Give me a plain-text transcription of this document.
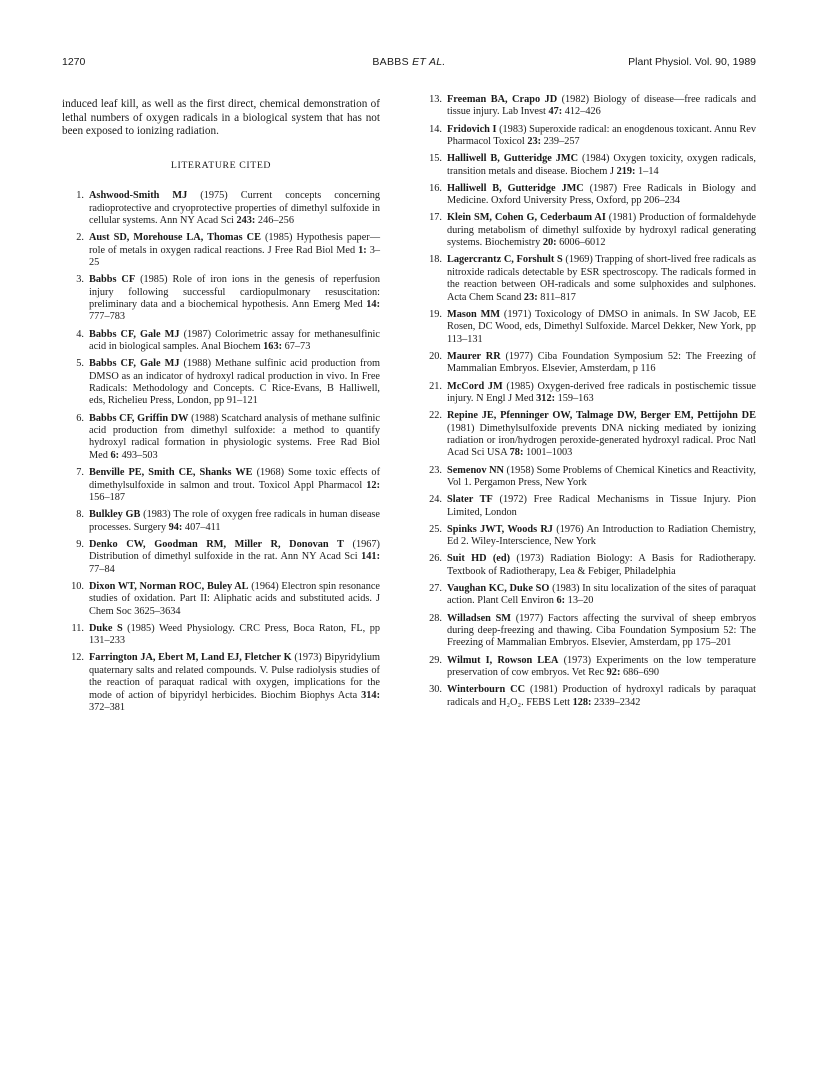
1270	BABBS ET AL.	Plant Physiol. Vol. 90, 1989

induced leaf kill, as well as the first direct, chemical demonstration of lethal numbers of oxygen radicals in a biological system that has not been exposed to ionizing radiation.

LITERATURE CITED
1. Ashwood-Smith MJ (1975) Current concepts concerning radioprotective and cryoprotective properties of dimethyl sulfoxide in cellular systems. Ann NY Acad Sci 243: 246–256
2. Aust SD, Morehouse LA, Thomas CE (1985) Hypothesis paper—role of metals in oxygen radical reactions. J Free Rad Biol Med 1: 3–25
3. Babbs CF (1985) Role of iron ions in the genesis of reperfusion injury following successful cardiopulmonary resuscitation: preliminary data and a biochemical hypothesis. Ann Emerg Med 14: 777–783
4. Babbs CF, Gale MJ (1987) Colorimetric assay for methanesulfinic acid in biological samples. Anal Biochem 163: 67–73
5. Babbs CF, Gale MJ (1988) Methane sulfinic acid production from DMSO as an indicator of hydroxyl radical production in vivo. In Free Radicals: Methodology and Concepts. C Rice-Evans, B Halliwell, eds, Richelieu Press, London, pp 91–121
6. Babbs CF, Griffin DW (1988) Scatchard analysis of methane sulfinic acid production from dimethyl sulfoxide: a method to quantify hydroxyl radical formation in physiologic systems. Free Rad Biol Med 6: 493–503
7. Benville PE, Smith CE, Shanks WE (1968) Some toxic effects of dimethylsulfoxide in salmon and trout. Toxicol Appl Pharmacol 12: 156–187
8. Bulkley GB (1983) The role of oxygen free radicals in human disease processes. Surgery 94: 407–411
9. Denko CW, Goodman RM, Miller R, Donovan T (1967) Distribution of dimethyl sulfoxide in the rat. Ann NY Acad Sci 141: 77–84
10. Dixon WT, Norman ROC, Buley AL (1964) Electron spin resonance studies of oxidation. Part II: Aliphatic acids and substituted acids. J Chem Soc 3625–3634
11. Duke S (1985) Weed Physiology. CRC Press, Boca Raton, FL, pp 131–233
12. Farrington JA, Ebert M, Land EJ, Fletcher K (1973) Bipyridylium quaternary salts and related compounds. V. Pulse radiolysis studies of the reaction of paraquat radical with oxygen, implications for the mode of action of bipyridyl herbicides. Biochim Biophys Acta 314: 372–381
13. Freeman BA, Crapo JD (1982) Biology of disease—free radicals and tissue injury. Lab Invest 47: 412–426
14. Fridovich I (1983) Superoxide radical: an enogdenous toxicant. Annu Rev Pharmacol Toxicol 23: 239–257
15. Halliwell B, Gutteridge JMC (1984) Oxygen toxicity, oxygen radicals, transition metals and disease. Biochem J 219: 1–14
16. Halliwell B, Gutteridge JMC (1987) Free Radicals in Biology and Medicine. Oxford University Press, Oxford, pp 206–234
17. Klein SM, Cohen G, Cederbaum AI (1981) Production of formaldehyde during metabolism of dimethyl sulfoxide by hydroxyl radical generating systems. Biochemistry 20: 6006–6012
18. Lagercrantz C, Forshult S (1969) Trapping of short-lived free radicals as nitroxide radicals detectable by ESR spectroscopy. The radicals formed in the reaction between OH-radicals and some sulphoxides and sulphones. Acta Chem Scand 23: 811–817
19. Mason MM (1971) Toxicology of DMSO in animals. In SW Jacob, EE Rosen, DC Wood, eds, Dimethyl Sulfoxide. Marcel Dekker, New York, pp 113–131
20. Maurer RR (1977) Ciba Foundation Symposium 52: The Freezing of Mammalian Embryos. Elsevier, Amsterdam, p 116
21. McCord JM (1985) Oxygen-derived free radicals in postischemic tissue injury. N Engl J Med 312: 159–163
22. Repine JE, Pfenninger OW, Talmage DW, Berger EM, Pettijohn DE (1981) Dimethylsulfoxide prevents DNA nicking mediated by ionizing radiation or iron/hydrogen peroxide-generated hydroxyl radical. Proc Natl Acad Sci USA 78: 1001–1003
23. Semenov NN (1958) Some Problems of Chemical Kinetics and Reactivity, Vol 1. Pergamon Press, New York
24. Slater TF (1972) Free Radical Mechanisms in Tissue Injury. Pion Limited, London
25. Spinks JWT, Woods RJ (1976) An Introduction to Radiation Chemistry, Ed 2. Wiley-Interscience, New York
26. Suit HD (ed) (1973) Radiation Biology: A Basis for Radiotherapy. Textbook of Radiotherapy, Lea & Febiger, Philadelphia
27. Vaughan KC, Duke SO (1983) In situ localization of the sites of paraquat action. Plant Cell Environ 6: 13–20
28. Willadsen SM (1977) Factors affecting the survival of sheep embryos during deep-freezing and thawing. Ciba Foundation Symposium 52: The Freezing of Mammalian Embryos. Elsevier, Amsterdam, pp 175–201
29. Wilmut I, Rowson LEA (1973) Experiments on the low temperature preservation of cow embryos. Vet Rec 92: 686–690
30. Winterbourn CC (1981) Production of hydroxyl radicals by paraquat radicals and H₂O₂. FEBS Lett 128: 2339–2342
